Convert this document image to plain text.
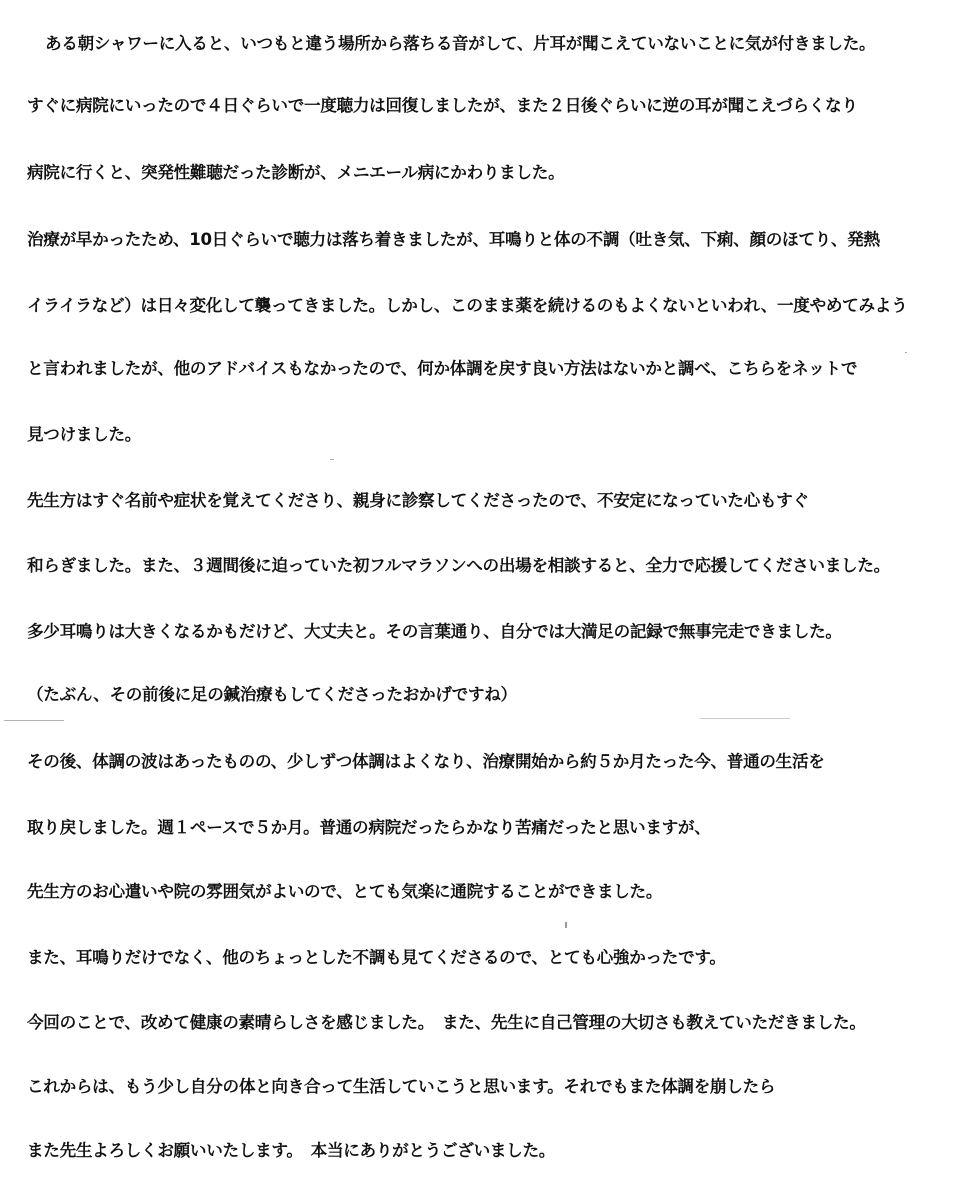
ある朝シャワーに入ると、いつもと違う場所から落ちる音がして、片耳が聞こえていないことに気が付きました。
すぐに病院にいったので４日ぐらいで一度聴力は回復しましたが、また２日後ぐらいに逆の耳が聞こえづらくなり
病院に行くと、突発性難聴だった診断が、メニエール病にかわりました。
治療が早かったため、10日ぐらいで聴力は落ち着きましたが、耳鳴りと体の不調（吐き気、下痢、顔のほてり、発熱
イライラなど）は日々変化して襲ってきました。しかし、このまま薬を続けるのもよくないといわれ、一度やめてみよう
と言われましたが、他のアドバイスもなかったので、何か体調を戻す良い方法はないかと調べ、こちらをネットで
見つけました。
先生方はすぐ名前や症状を覚えてくださり、親身に診察してくださったので、不安定になっていた心もすぐ
和らぎました。また、３週間後に迫っていた初フルマラソンへの出場を相談すると、全力で応援してくださいました。
多少耳鳴りは大きくなるかもだけど、大丈夫と。その言葉通り、自分では大満足の記録で無事完走できました。
（たぶん、その前後に足の鍼治療もしてくださったおかげですね）
その後、体調の波はあったものの、少しずつ体調はよくなり、治療開始から約５か月たった今、普通の生活を
取り戻しました。週１ペースで５か月。普通の病院だったらかなり苦痛だったと思いますが、
先生方のお心遣いや院の雰囲気がよいので、とても気楽に通院することができました。
また、耳鳴りだけでなく、他のちょっとした不調も見てくださるので、とても心強かったです。
今回のことで、改めて健康の素晴らしさを感じました。　また、先生に自己管理の大切さも教えていただきました。
これからは、もう少し自分の体と向き合って生活していこうと思います。それでもまた体調を崩したら
また先生よろしくお願いいたします。　本当にありがとうございました。
